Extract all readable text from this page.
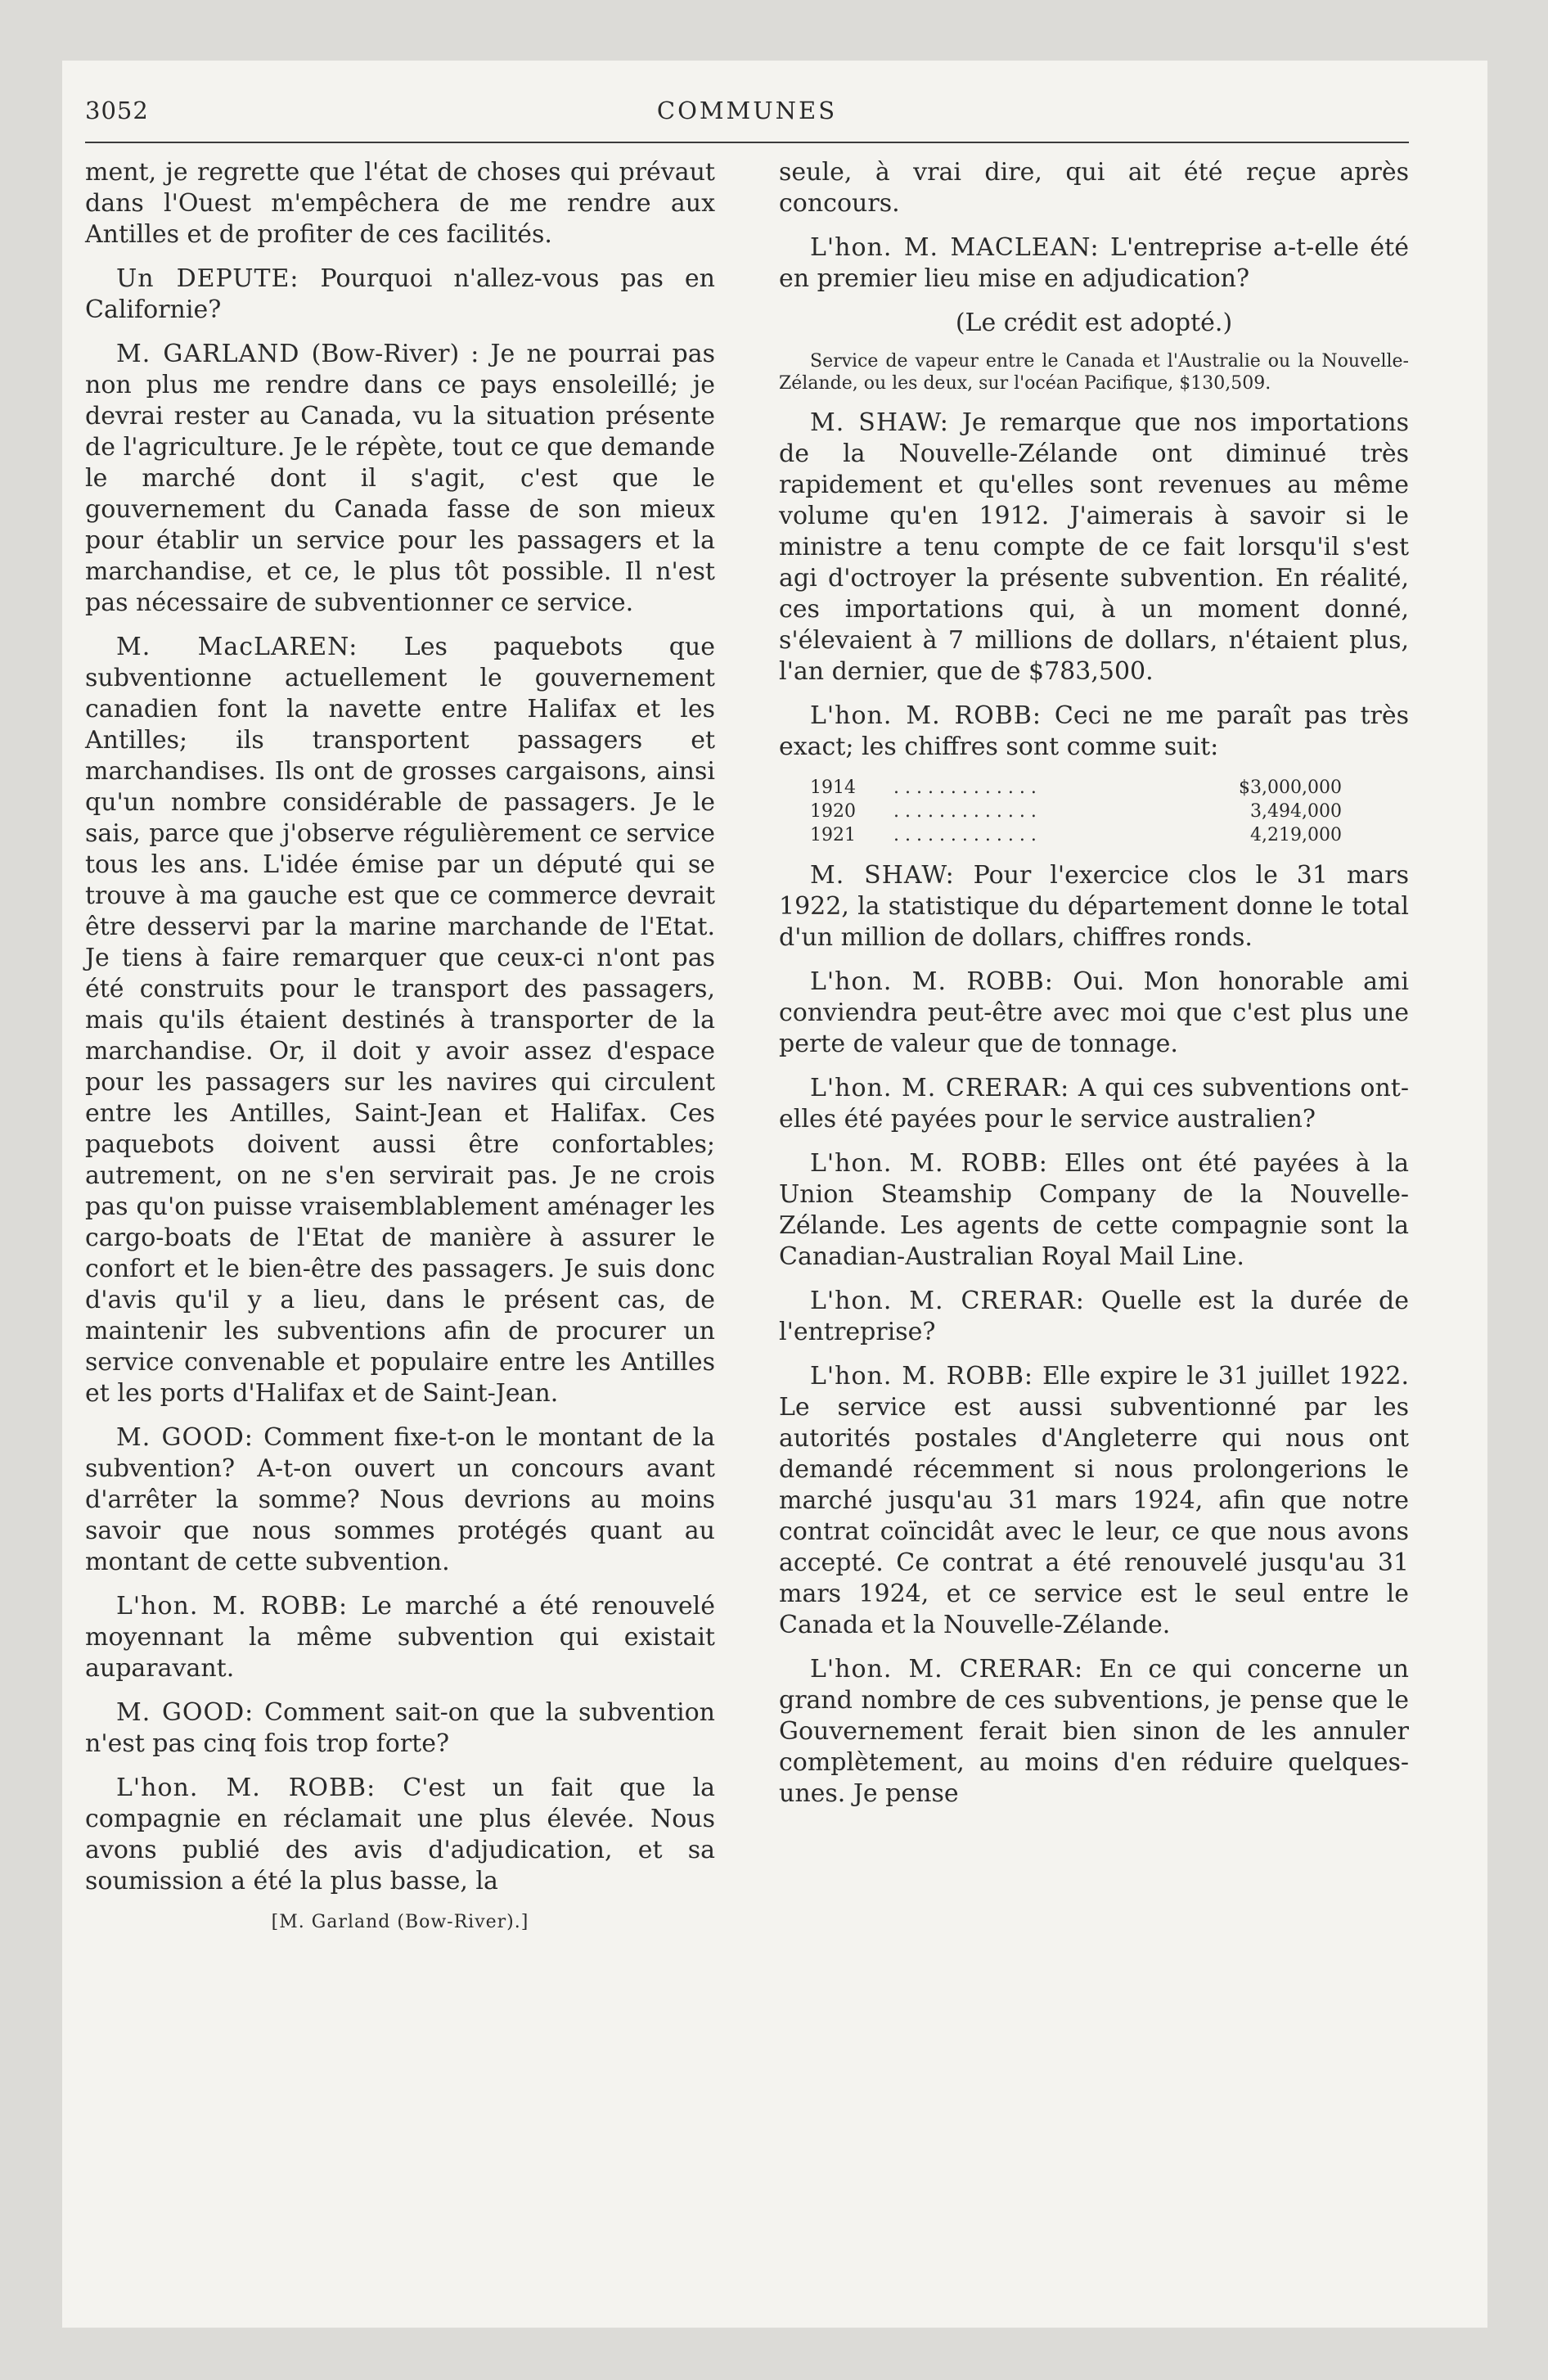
3052	COMMUNES

ment, je regrette que l'état de choses qui prévaut dans l'Ouest m'empêchera de me rendre aux Antilles et de profiter de ces facilités.

Un DEPUTE: Pourquoi n'allez-vous pas en Californie?

M. GARLAND (Bow-River) : Je ne pourrai pas non plus me rendre dans ce pays ensoleillé; je devrai rester au Canada, vu la situation présente de l'agriculture. Je le répète, tout ce que demande le marché dont il s'agit, c'est que le gouvernement du Canada fasse de son mieux pour établir un service pour les passagers et la marchandise, et ce, le plus tôt possible. Il n'est pas nécessaire de subventionner ce service.

M. MacLAREN: Les paquebots que subventionne actuellement le gouvernement canadien font la navette entre Halifax et les Antilles; ils transportent passagers et marchandises. Ils ont de grosses cargaisons, ainsi qu'un nombre considérable de passagers. Je le sais, parce que j'observe régulièrement ce service tous les ans. L'idée émise par un député qui se trouve à ma gauche est que ce commerce devrait être desservi par la marine marchande de l'Etat. Je tiens à faire remarquer que ceux-ci n'ont pas été construits pour le transport des passagers, mais qu'ils étaient destinés à transporter de la marchandise. Or, il doit y avoir assez d'espace pour les passagers sur les navires qui circulent entre les Antilles, Saint-Jean et Halifax. Ces paquebots doivent aussi être confortables; autrement, on ne s'en servirait pas. Je ne crois pas qu'on puisse vraisemblablement aménager les cargo-boats de l'Etat de manière à assurer le confort et le bien-être des passagers. Je suis donc d'avis qu'il y a lieu, dans le présent cas, de maintenir les subventions afin de procurer un service convenable et populaire entre les Antilles et les ports d'Halifax et de Saint-Jean.

M. GOOD: Comment fixe-t-on le montant de la subvention? A-t-on ouvert un concours avant d'arrêter la somme? Nous devrions au moins savoir que nous sommes protégés quant au montant de cette subvention.

L'hon. M. ROBB: Le marché a été renouvelé moyennant la même subvention qui existait auparavant.

M. GOOD: Comment sait-on que la subvention n'est pas cinq fois trop forte?

L'hon. M. ROBB: C'est un fait que la compagnie en réclamait une plus élevée. Nous avons publié des avis d'adjudication, et sa soumission a été la plus basse, la

[M. Garland (Bow-River).]

seule, à vrai dire, qui ait été reçue après concours.

L'hon. M. MACLEAN: L'entreprise a-t-elle été en premier lieu mise en adjudication?

(Le crédit est adopté.)

Service de vapeur entre le Canada et l'Australie ou la Nouvelle-Zélande, ou les deux, sur l'océan Pacifique, $130,509.

M. SHAW: Je remarque que nos importations de la Nouvelle-Zélande ont diminué très rapidement et qu'elles sont revenues au même volume qu'en 1912. J'aimerais à savoir si le ministre a tenu compte de ce fait lorsqu'il s'est agi d'octroyer la présente subvention. En réalité, ces importations qui, à un moment donné, s'élevaient à 7 millions de dollars, n'étaient plus, l'an dernier, que de $783,500.

L'hon. M. ROBB: Ceci ne me paraît pas très exact; les chiffres sont comme suit:

1914	. . . . . . . . . . . . .	$3,000,000
1920	. . . . . . . . . . . . .	3,494,000
1921	. . . . . . . . . . . . .	4,219,000

M. SHAW: Pour l'exercice clos le 31 mars 1922, la statistique du département donne le total d'un million de dollars, chiffres ronds.

L'hon. M. ROBB: Oui. Mon honorable ami conviendra peut-être avec moi que c'est plus une perte de valeur que de tonnage.

L'hon. M. CRERAR: A qui ces subventions ont-elles été payées pour le service australien?

L'hon. M. ROBB: Elles ont été payées à la Union Steamship Company de la Nouvelle-Zélande. Les agents de cette compagnie sont la Canadian-Australian Royal Mail Line.

L'hon. M. CRERAR: Quelle est la durée de l'entreprise?

L'hon. M. ROBB: Elle expire le 31 juillet 1922. Le service est aussi subventionné par les autorités postales d'Angleterre qui nous ont demandé récemment si nous prolongerions le marché jusqu'au 31 mars 1924, afin que notre contrat coïncidât avec le leur, ce que nous avons accepté. Ce contrat a été renouvelé jusqu'au 31 mars 1924, et ce service est le seul entre le Canada et la Nouvelle-Zélande.

L'hon. M. CRERAR: En ce qui concerne un grand nombre de ces subventions, je pense que le Gouvernement ferait bien sinon de les annuler complètement, au moins d'en réduire quelques-unes. Je pense
